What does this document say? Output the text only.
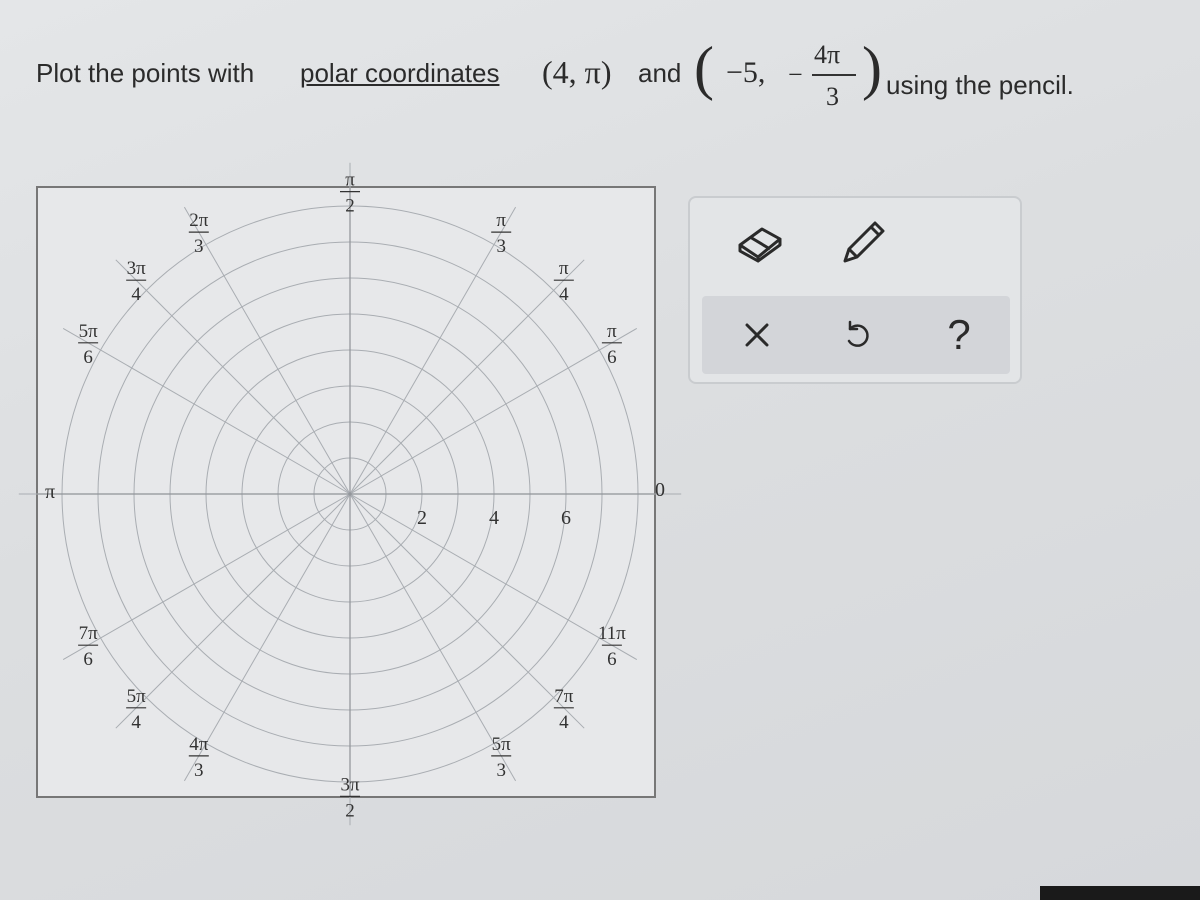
Plot the points with polar coordinates (4, π) and ( −5, −
4π
3 ) using the pencil.
2	4	6
0
π
π
6
π
4
π
3
π
2
2π
3
3π
4
5π
6
7π
6
5π
4
4π
3
3π
2
5π
3
7π
4
11π
6
?
